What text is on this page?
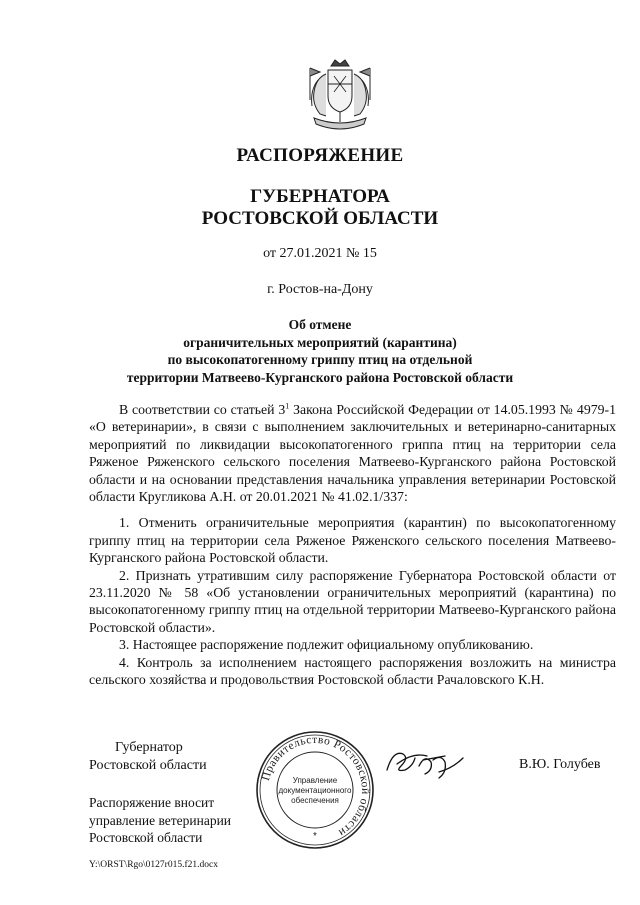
РАСПОРЯЖЕНИЕ
ГУБЕРНАТОРА
РОСТОВСКОЙ ОБЛАСТИ
от 27.01.2021 № 15
г. Ростов-на-Дону
Об отмене
ограничительных мероприятий (карантина)
по высокопатогенному гриппу птиц на отдельной
территории Матвеево-Курганского района Ростовской области

В соответствии со статьей $3^1$ Закона Российской Федерации от 14.05.1993 № 4979-1 «О ветеринарии», в связи с выполнением заключительных и ветеринарно-санитарных мероприятий по ликвидации высокопатогенного гриппа птиц на территории села Ряженое Ряженского сельского поселения Матвеево-Курганского района Ростовской области и на основании представления начальника управления ветеринарии Ростовской области Кругликова А.Н. от 20.01.2021 № 41.02.1/337:

1. Отменить ограничительные мероприятия (карантин) по высокопатогенному гриппу птиц на территории села Ряженое Ряженского сельского поселения Матвеево-Курганского района Ростовской области.

2. Признать утратившим силу распоряжение Губернатора Ростовской области от 23.11.2020 № 58 «Об установлении ограничительных мероприятий (карантина) по высокопатогенному гриппу птиц на отдельной территории Матвеево-Курганского района Ростовской области».

3. Настоящее распоряжение подлежит официальному опубликованию.

4. Контроль за исполнением настоящего распоряжения возложить на министра сельского хозяйства и продовольствия Ростовской области Рачаловского К.Н.

Губернатор
Ростовской области
Правительство Ростовской области
Управление
документационного
обеспечения
*
В.Ю. Голубев
Распоряжение вносит
управление ветеринарии
Ростовской области
Y:\ORST\Rgo\0127r015.f21.docx
